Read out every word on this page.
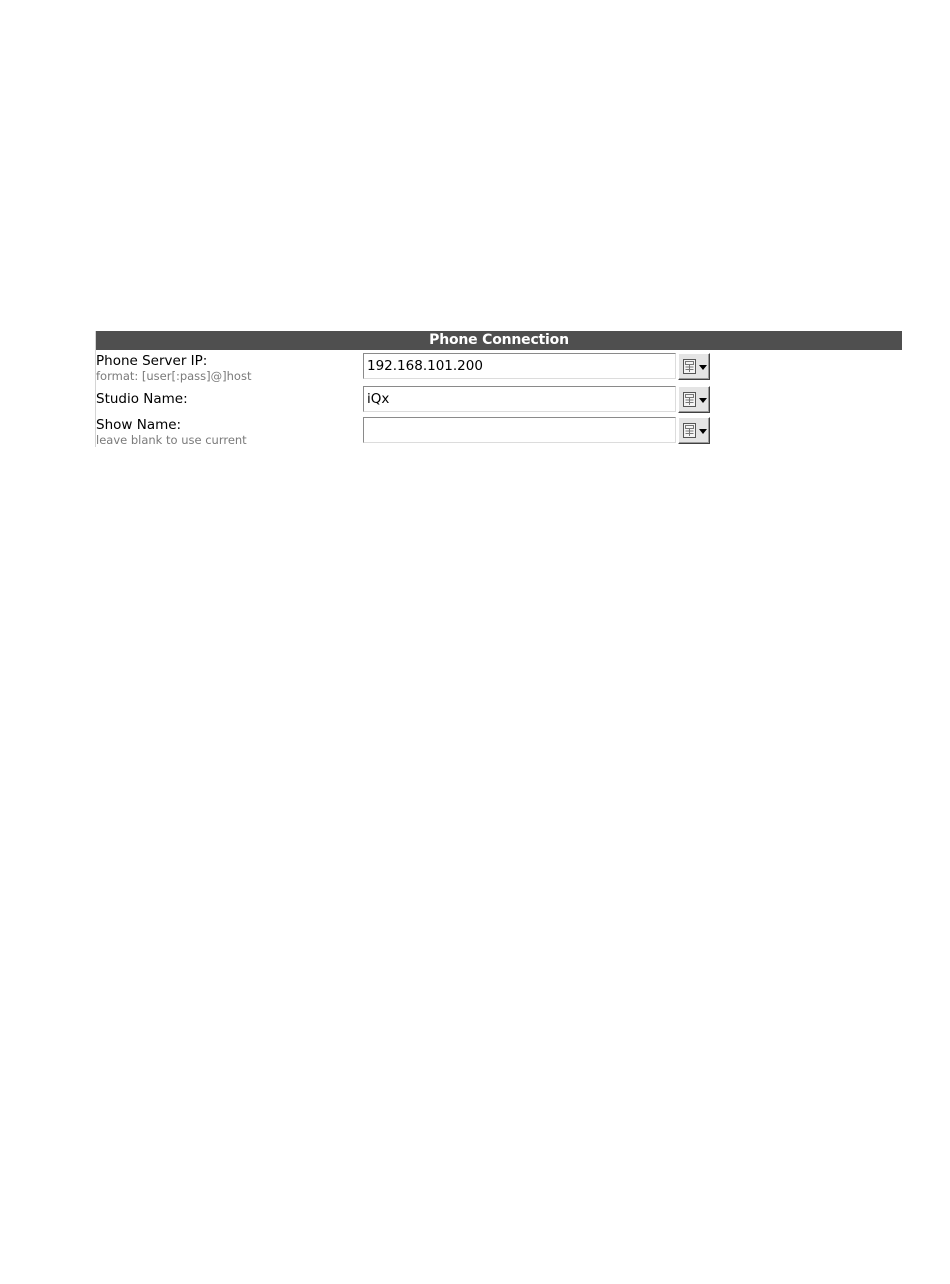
Phone Connection
Phone Server IP:
format: [user[:pass]@]host
192.168.101.200
Studio Name:
iQx
Show Name:
leave blank to use current
